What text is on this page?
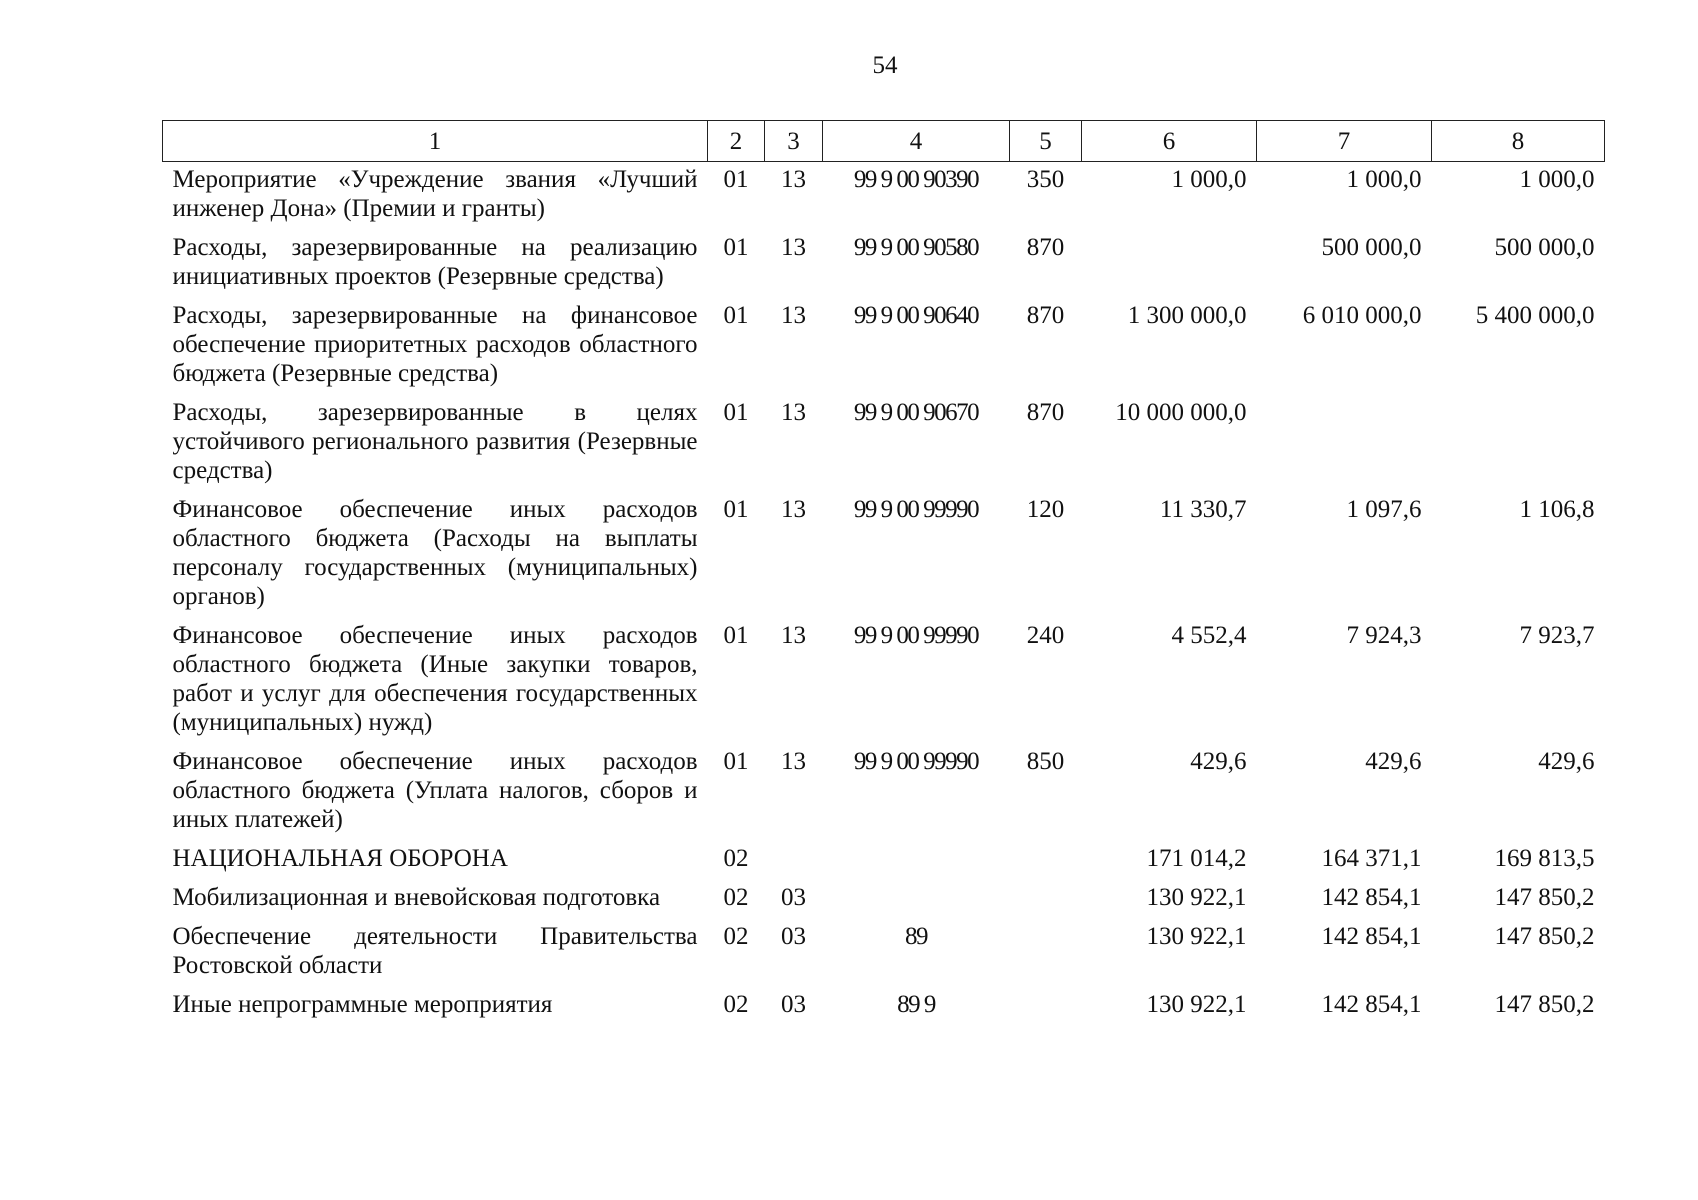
54
1	2	3	4	5	6	7	8
Мероприятие «Учреждение звания «Лучший инженер Дона» (Премии и гранты)	01	13	99 9 00 90390	350	1 000,0	1 000,0	1 000,0
Расходы, зарезервированные на реализацию инициативных проектов (Резервные средства)	01	13	99 9 00 90580	870		500 000,0	500 000,0
Расходы, зарезервированные на финансовое обеспечение приоритетных расходов областного бюджета (Резервные средства)	01	13	99 9 00 90640	870	1 300 000,0	6 010 000,0	5 400 000,0
Расходы, зарезервированные в целях устойчивого регионального развития (Резервные средства)	01	13	99 9 00 90670	870	10 000 000,0		
Финансовое обеспечение иных расходов областного бюджета (Расходы на выплаты персоналу государственных (муниципальных) органов)	01	13	99 9 00 99990	120	11 330,7	1 097,6	1 106,8
Финансовое обеспечение иных расходов областного бюджета (Иные закупки товаров, работ и услуг для обеспечения государственных (муниципальных) нужд)	01	13	99 9 00 99990	240	4 552,4	7 924,3	7 923,7
Финансовое обеспечение иных расходов областного бюджета (Уплата налогов, сборов и иных платежей)	01	13	99 9 00 99990	850	429,6	429,6	429,6
НАЦИОНАЛЬНАЯ ОБОРОНА	02				171 014,2	164 371,1	169 813,5
Мобилизационная и вневойсковая подготовка	02	03			130 922,1	142 854,1	147 850,2
Обеспечение деятельности Правительства Ростовской области	02	03	89		130 922,1	142 854,1	147 850,2
Иные непрограммные мероприятия	02	03	89 9		130 922,1	142 854,1	147 850,2
